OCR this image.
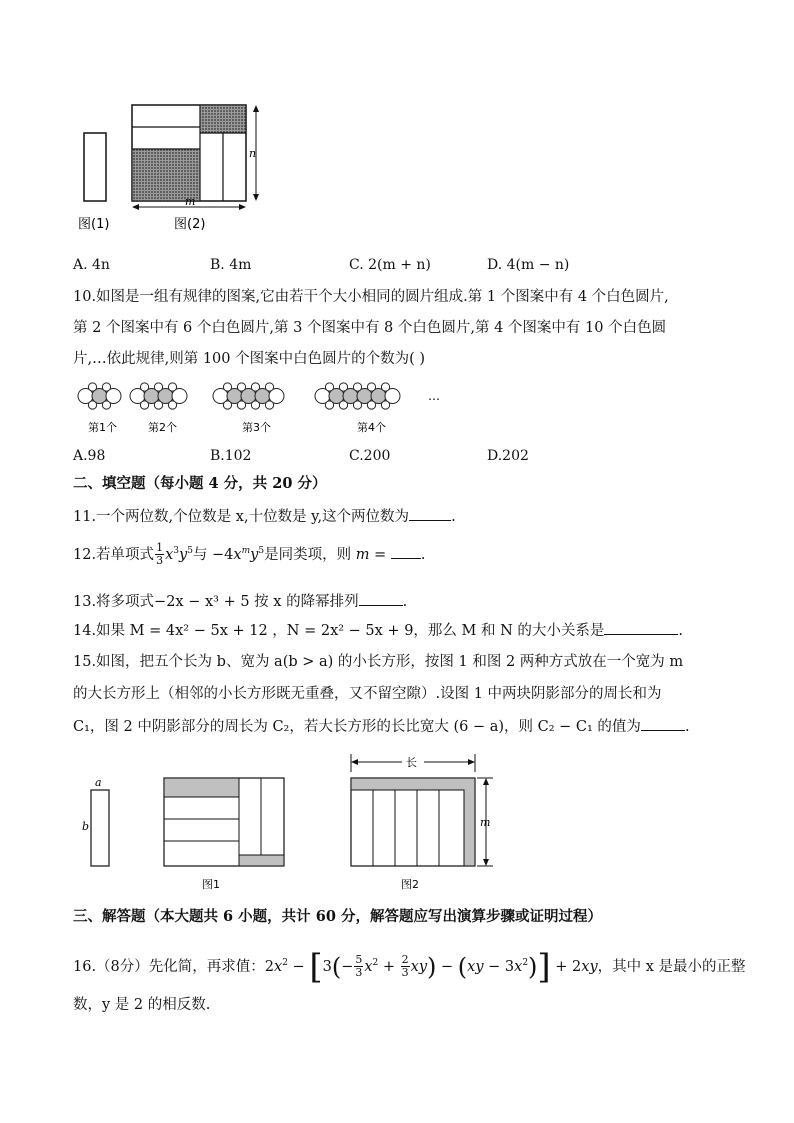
n
m
图(1)	图(2)
A. 4n	B. 4m	C. 2(m + n)	D. 4(m − n)
10.如图是一组有规律的图案,它由若干个大小相同的圆片组成.第 1 个图案中有 4 个白色圆片,
第 2 个图案中有 6 个白色圆片,第 3 个图案中有 8 个白色圆片,第 4 个图案中有 10 个白色圆
片,…依此规律,则第 100 个图案中白色圆片的个数为( )
…
第1个	第2个	第3个	第4个
A.98	B.102	C.200	D.202
二、填空题（每小题 4 分，共 20 分）
11.一个两位数,个位数是 x,十位数是 y,这个两位数为	.
12.若单项式 $\frac{1}{3} x^3y^5$与 $-4x^my^5$是同类项，则 m = .
13.将多项式−2x − x³ + 5 按 x 的降幂排列	.
14.如果 M = 4x² − 5x + 12 ，N = 2x² − 5x + 9，那么 M 和 N 的大小关系是	.
15.如图，把五个长为 b、宽为 a(b > a) 的小长方形，按图 1 和图 2 两种方式放在一个宽为 m
的大长方形上（相邻的小长方形既无重叠，又不留空隙）.设图 1 中两块阴影部分的周长和为
C₁，图 2 中阴影部分的周长为 C₂，若大长方形的长比宽大 (6 − a)，则 C₂ − C₁ 的值为	.
a
b
图1
长
m
图2
三、解答题（本大题共 6 小题，共计 60 分，解答题应写出演算步骤或证明过程）
16.（8分）先化简，再求值：$2x^2 - [3(- \frac{5}{3} x^2 + \frac{2}{3} xy) - (xy - 3x^2)] + 2xy$，其中 x 是最小的正整
数，y 是 2 的相反数.
